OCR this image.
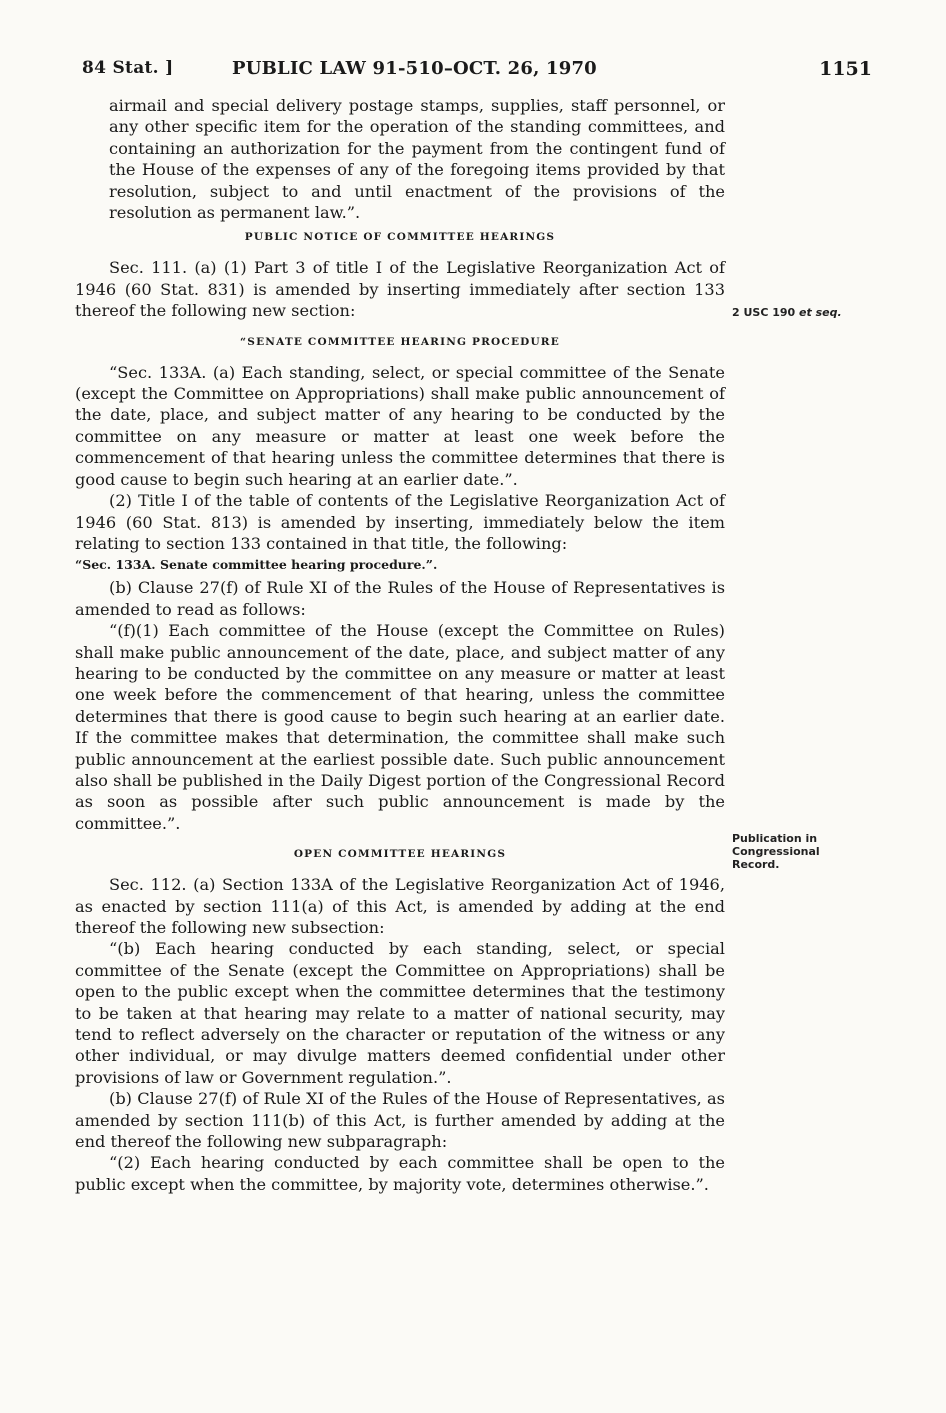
84 Stat. ]	PUBLIC LAW 91-510–OCT. 26, 1970	1151

airmail and special delivery postage stamps, supplies, staff personnel, or any other specific item for the operation of the standing committees, and containing an authorization for the payment from the contingent fund of the House of the expenses of any of the foregoing items provided by that resolution, subject to and until enactment of the provisions of the resolution as permanent law.”.

PUBLIC NOTICE OF COMMITTEE HEARINGS

Sec. 111. (a) (1) Part 3 of title I of the Legislative Reorganization Act of 1946 (60 Stat. 831) is amended by inserting immediately after section 133 thereof the following new section:

“SENATE COMMITTEE HEARING PROCEDURE

“Sec. 133A. (a) Each standing, select, or special committee of the Senate (except the Committee on Appropriations) shall make public announcement of the date, place, and subject matter of any hearing to be conducted by the committee on any measure or matter at least one week before the commencement of that hearing unless the committee determines that there is good cause to begin such hearing at an earlier date.”.

(2) Title I of the table of contents of the Legislative Reorganization Act of 1946 (60 Stat. 813) is amended by inserting, immediately below the item relating to section 133 contained in that title, the following:

“Sec. 133A. Senate committee hearing procedure.”.

(b) Clause 27(f) of Rule XI of the Rules of the House of Representatives is amended to read as follows:

“(f)(1) Each committee of the House (except the Committee on Rules) shall make public announcement of the date, place, and subject matter of any hearing to be conducted by the committee on any measure or matter at least one week before the commencement of that hearing, unless the committee determines that there is good cause to begin such hearing at an earlier date. If the committee makes that determination, the committee shall make such public announcement at the earliest possible date. Such public announcement also shall be published in the Daily Digest portion of the Congressional Record as soon as possible after such public announcement is made by the committee.”.

OPEN COMMITTEE HEARINGS

Sec. 112. (a) Section 133A of the Legislative Reorganization Act of 1946, as enacted by section 111(a) of this Act, is amended by adding at the end thereof the following new subsection:

“(b) Each hearing conducted by each standing, select, or special committee of the Senate (except the Committee on Appropriations) shall be open to the public except when the committee determines that the testimony to be taken at that hearing may relate to a matter of national security, may tend to reflect adversely on the character or reputation of the witness or any other individual, or may divulge matters deemed confidential under other provisions of law or Government regulation.”.

(b) Clause 27(f) of Rule XI of the Rules of the House of Representatives, as amended by section 111(b) of this Act, is further amended by adding at the end thereof the following new subparagraph:

“(2) Each hearing conducted by each committee shall be open to the public except when the committee, by majority vote, determines otherwise.”.

2 USC 190 et seq.
Publication in
Congressional
Record.
